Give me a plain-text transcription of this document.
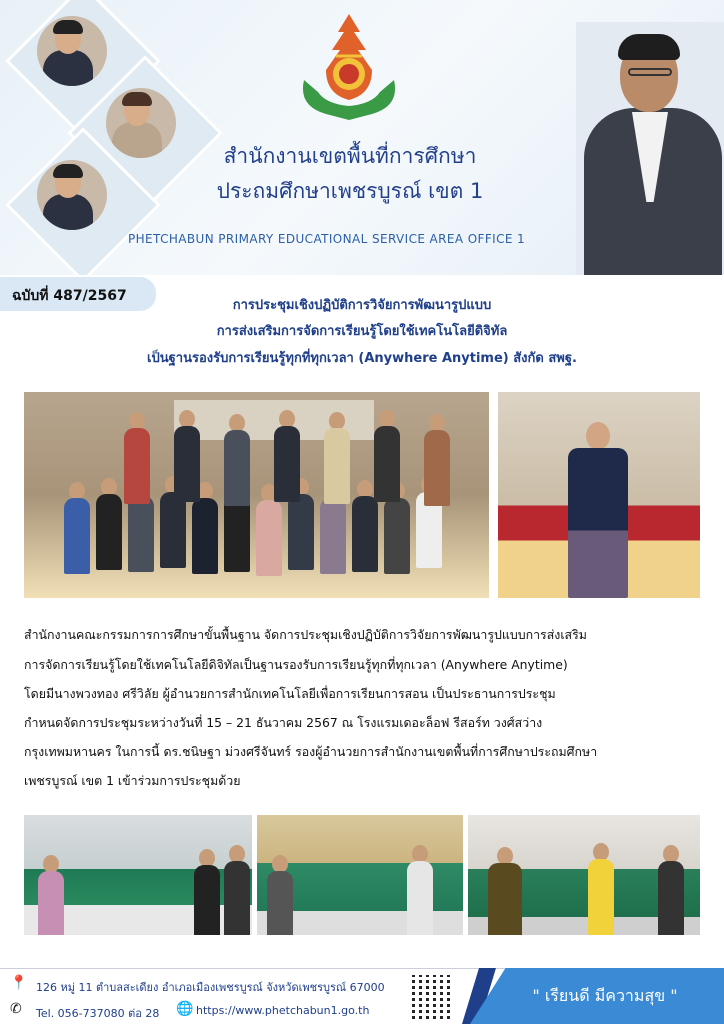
สำนักงานเขตพื้นที่การศึกษา
ประถมศึกษาเพชรบูรณ์ เขต 1
PHETCHABUN PRIMARY EDUCATIONAL SERVICE AREA OFFICE 1
ฉบับที่ 487/2567
การประชุมเชิงปฏิบัติการวิจัยการพัฒนารูปแบบ
การส่งเสริมการจัดการเรียนรู้โดยใช้เทคโนโลยีดิจิทัล
เป็นฐานรองรับการเรียนรู้ทุกที่ทุกเวลา (Anywhere Anytime) สังกัด สพฐ.
สำนักงานคณะกรรมการการศึกษาขั้นพื้นฐาน จัดการประชุมเชิงปฏิบัติการวิจัยการพัฒนารูปแบบการส่งเสริม
การจัดการเรียนรู้โดยใช้เทคโนโลยีดิจิทัลเป็นฐานรองรับการเรียนรู้ทุกที่ทุกเวลา (Anywhere Anytime)
โดยมีนางพวงทอง ศรีวิลัย ผู้อำนวยการสำนักเทคโนโลยีเพื่อการเรียนการสอน เป็นประธานการประชุม
กำหนดจัดการประชุมระหว่างวันที่ 15 – 21 ธันวาคม 2567 ณ โรงแรมเดอะล็อฟ รีสอร์ท วงศ์สว่าง
กรุงเทพมหานคร ในการนี้ ดร.ชนิษฐา ม่วงศรีจันทร์ รองผู้อำนวยการสำนักงานเขตพื้นที่การศึกษาประถมศึกษา
เพชรบูรณ์ เขต 1 เข้าร่วมการประชุมด้วย
📍 126 หมู่ 11 ตำบลสะเดียง อำเภอเมืองเพชรบูรณ์ จังหวัดเพชรบูรณ์ 67000
✆ Tel. 056-737080 ต่อ 28 🌐 https://www.phetchabun1.go.th
" เรียนดี มีความสุข "
